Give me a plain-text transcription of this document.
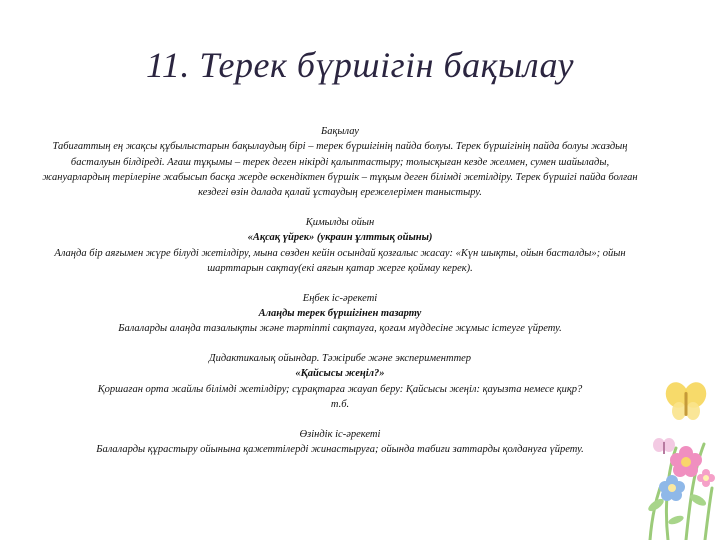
11. Терек бүршігін бақылау

Бақылау

Табиғаттың ең жақсы құбылыстарын бақылаудың бірі – терек бүршігінің пайда болуы. Терек бүршігінің пайда болуы жаздың басталуын білдіреді. Ағаш тұқымы – терек деген нікірді қалыптастыру; толысқыған кезде желмен, сумен шайылады, жануарлардың терілеріне жабысып басқа жерде өскендіктен бүршік – тұқым деген білімді жетілдіру. Терек бүршігі пайда болған кездегі өзін далада қалай ұстаудың ережелерімен таныстыру.

Қимылды ойын

«Ақсақ үйрек» (украин ұлттық ойыны)

Алаңда бір аяғымен жүре білуді жетілдіру, мына сөзден кейін осындай қозғалыс жасау: «Күн шықты, ойын басталды»; ойын шарттарын сақтау(екі аяғын қатар жерге қоймау керек).

Еңбек іс-әрекеті

Алаңды терек бүршігінен тазарту

Балаларды алаңда тазалықты және тәртіпті сақтауға, қоғам мүддесіне жұмыс істеуге үйрету.

Дидактикалық ойындар. Тәжірибе және эксперименттер

«Қайсысы жеңіл?»

Қоршаған орта жайлы білімді жетілдіру; сұрақтарға жауап беру: Қайсысы жеңіл: қауызта немесе қиқр?

т.б.

Өзіндік іс-әрекеті

Балаларды құрастыру ойынына қажеттілерді жинастыруға; ойында табиғи заттарды қолдануға үйрету.
